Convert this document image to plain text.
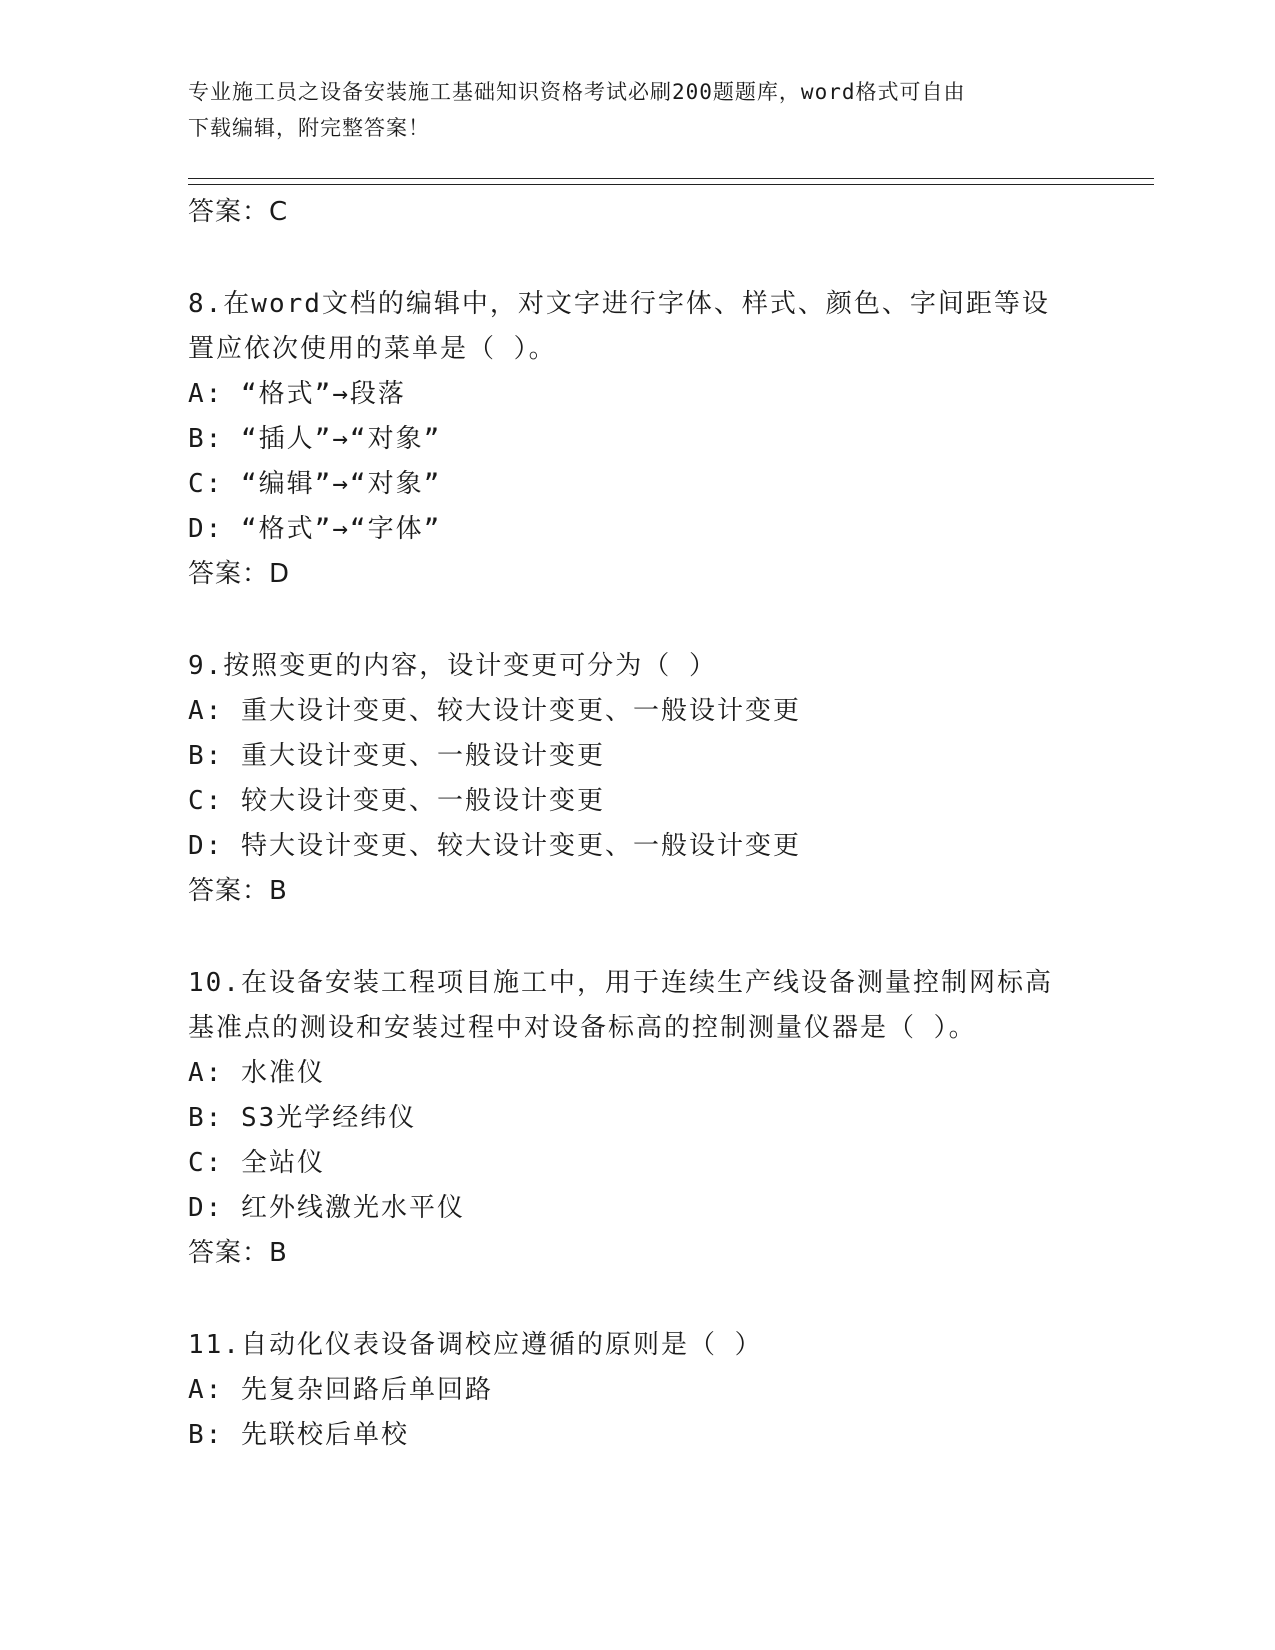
专业施工员之设备安装施工基础知识资格考试必刷200题题库，word格式可自由
下载编辑，附完整答案！
答案：C
8.在word文档的编辑中，对文字进行字体、样式、颜色、字间距等设
置应依次使用的菜单是（ ）。
A: “格式”→段落
B: “插人”→“对象”
C: “编辑”→“对象”
D: “格式”→“字体”
答案：D
9.按照变更的内容，设计变更可分为（ ）
A: 重大设计变更、较大设计变更、一般设计变更
B: 重大设计变更、一般设计变更
C: 较大设计变更、一般设计变更
D: 特大设计变更、较大设计变更、一般设计变更
答案：B
10.在设备安装工程项目施工中，用于连续生产线设备测量控制网标高
基准点的测设和安装过程中对设备标高的控制测量仪器是（ ）。
A: 水准仪
B: S3光学经纬仪
C: 全站仪
D: 红外线激光水平仪
答案：B
11.自动化仪表设备调校应遵循的原则是（ ）
A: 先复杂回路后单回路
B: 先联校后单校
